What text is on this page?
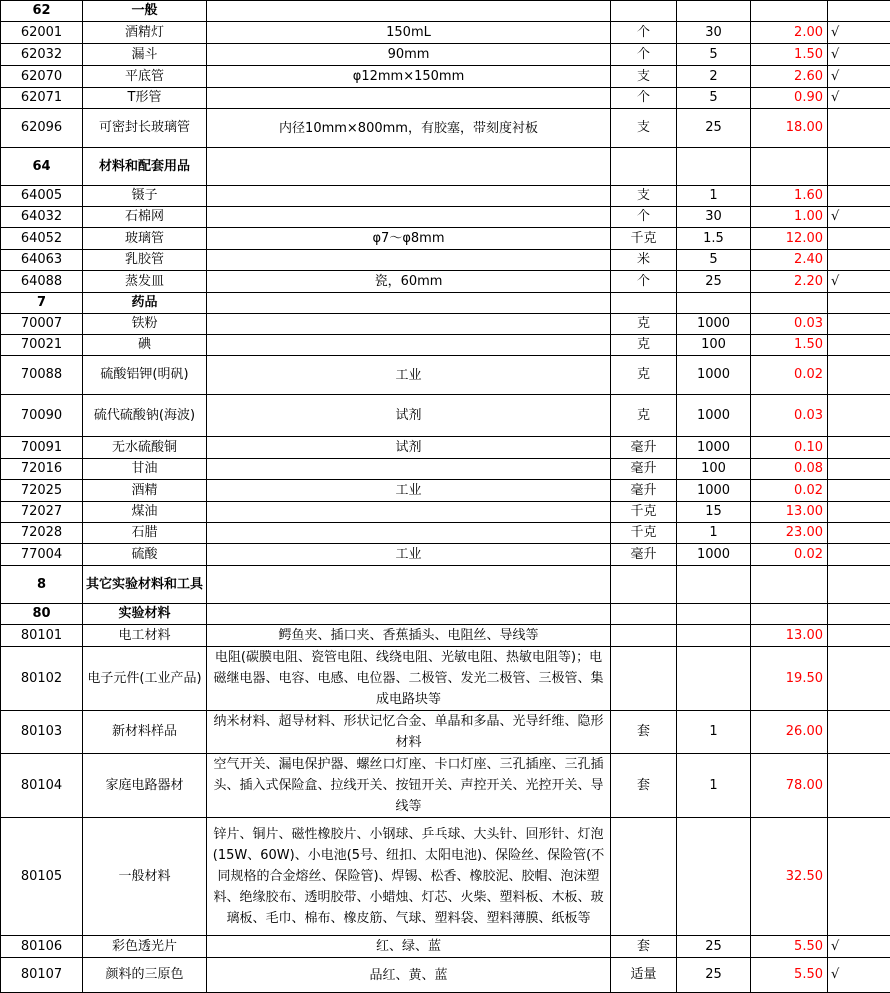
62	一般					
62001	酒精灯	150mL	个	30	2.00	√
62032	漏斗	90mm	个	5	1.50	√
62070	平底管	φ12mm×150mm	支	2	2.60	√
62071	T形管		个	5	0.90	√
62096	可密封长玻璃管	内径10mm×800mm，有胶塞，带刻度衬板	支	25	18.00	
64	材料和配套用品					
64005	镊子		支	1	1.60	
64032	石棉网		个	30	1.00	√
64052	玻璃管	φ7～φ8mm	千克	1.5	12.00	
64063	乳胶管		米	5	2.40	
64088	蒸发皿	瓷，60mm	个	25	2.20	√
7	药品					
70007	铁粉		克	1000	0.03	
70021	碘		克	100	1.50	
70088	硫酸铝钾(明矾)	工业	克	1000	0.02	
70090	硫代硫酸钠(海波)	试剂	克	1000	0.03	
70091	无水硫酸铜	试剂	毫升	1000	0.10	
72016	甘油		毫升	100	0.08	
72025	酒精	工业	毫升	1000	0.02	
72027	煤油		千克	15	13.00	
72028	石腊		千克	1	23.00	
77004	硫酸	工业	毫升	1000	0.02	
8	其它实验材料和工具					
80	实验材料					
80101	电工材料	鳄鱼夹、插口夹、香蕉插头、电阻丝、导线等			13.00	
80102	电子元件(工业产品)	电阻(碳膜电阻、瓷管电阻、线绕电阻、光敏电阻、热敏电阻等)；电磁继电器、电容、电感、电位器、二极管、发光二极管、三极管、集成电路块等			19.50	
80103	新材料样品	纳米材料、超导材料、形状记忆合金、单晶和多晶、光导纤维、隐形材料	套	1	26.00	
80104	家庭电路器材	空气开关、漏电保护器、螺丝口灯座、卡口灯座、三孔插座、三孔插头、插入式保险盒、拉线开关、按钮开关、声控开关、光控开关、导线等	套	1	78.00	
80105	一般材料	锌片、铜片、磁性橡胶片、小钢球、乒乓球、大头针、回形针、灯泡(15W、60W)、小电池(5号、纽扣、太阳电池)、保险丝、保险管(不同规格的合金熔丝、保险管)、焊锡、松香、橡胶泥、胶帽、泡沫塑料、绝缘胶布、透明胶带、小蜡烛、灯芯、火柴、塑料板、木板、玻璃板、毛巾、棉布、橡皮筋、气球、塑料袋、塑料薄膜、纸板等			32.50	
80106	彩色透光片	红、绿、蓝	套	25	5.50	√
80107	颜料的三原色	品红、黄、蓝	适量	25	5.50	√
